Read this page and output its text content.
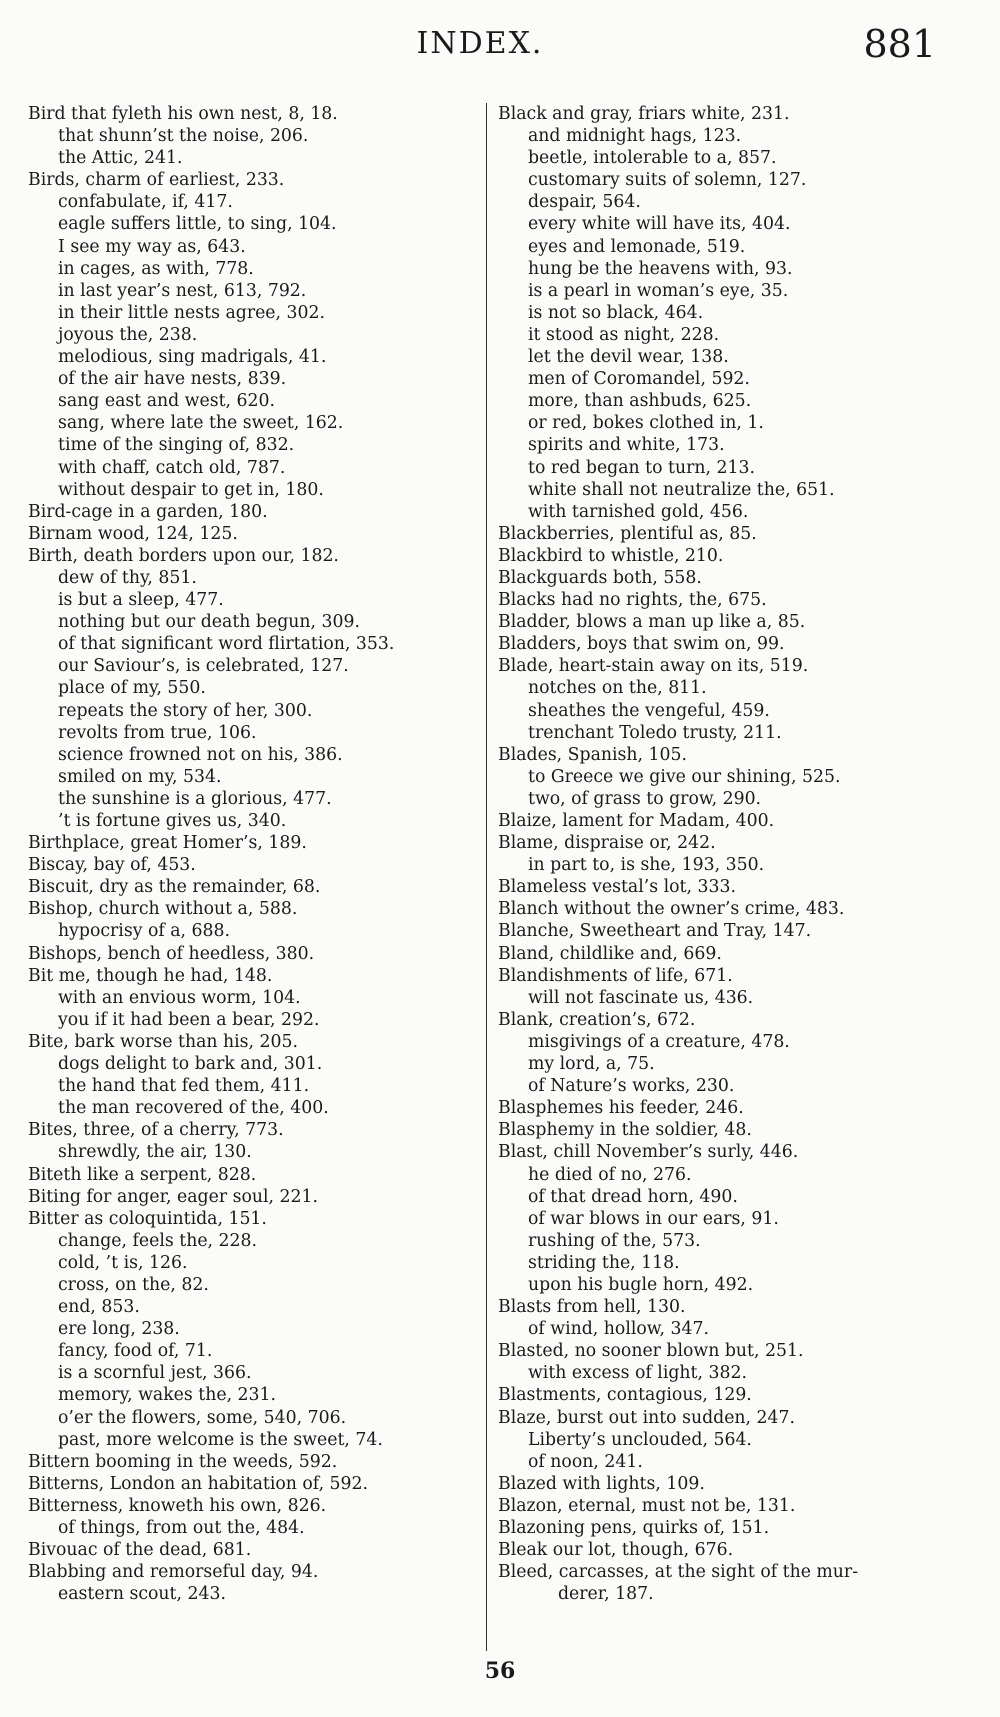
INDEX.	881
Bird that fyleth his own nest, 8, 18.
that shunn’st the noise, 206.
the Attic, 241.
Birds, charm of earliest, 233.
confabulate, if, 417.
eagle suffers little, to sing, 104.
I see my way as, 643.
in cages, as with, 778.
in last year’s nest, 613, 792.
in their little nests agree, 302.
joyous the, 238.
melodious, sing madrigals, 41.
of the air have nests, 839.
sang east and west, 620.
sang, where late the sweet, 162.
time of the singing of, 832.
with chaff, catch old, 787.
without despair to get in, 180.
Bird-cage in a garden, 180.
Birnam wood, 124, 125.
Birth, death borders upon our, 182.
dew of thy, 851.
is but a sleep, 477.
nothing but our death begun, 309.
of that significant word flirtation, 353.
our Saviour’s, is celebrated, 127.
place of my, 550.
repeats the story of her, 300.
revolts from true, 106.
science frowned not on his, 386.
smiled on my, 534.
the sunshine is a glorious, 477.
’t is fortune gives us, 340.
Birthplace, great Homer’s, 189.
Biscay, bay of, 453.
Biscuit, dry as the remainder, 68.
Bishop, church without a, 588.
hypocrisy of a, 688.
Bishops, bench of heedless, 380.
Bit me, though he had, 148.
with an envious worm, 104.
you if it had been a bear, 292.
Bite, bark worse than his, 205.
dogs delight to bark and, 301.
the hand that fed them, 411.
the man recovered of the, 400.
Bites, three, of a cherry, 773.
shrewdly, the air, 130.
Biteth like a serpent, 828.
Biting for anger, eager soul, 221.
Bitter as coloquintida, 151.
change, feels the, 228.
cold, ’t is, 126.
cross, on the, 82.
end, 853.
ere long, 238.
fancy, food of, 71.
is a scornful jest, 366.
memory, wakes the, 231.
o’er the flowers, some, 540, 706.
past, more welcome is the sweet, 74.
Bittern booming in the weeds, 592.
Bitterns, London an habitation of, 592.
Bitterness, knoweth his own, 826.
of things, from out the, 484.
Bivouac of the dead, 681.
Blabbing and remorseful day, 94.
eastern scout, 243.
Black and gray, friars white, 231.
and midnight hags, 123.
beetle, intolerable to a, 857.
customary suits of solemn, 127.
despair, 564.
every white will have its, 404.
eyes and lemonade, 519.
hung be the heavens with, 93.
is a pearl in woman’s eye, 35.
is not so black, 464.
it stood as night, 228.
let the devil wear, 138.
men of Coromandel, 592.
more, than ashbuds, 625.
or red, bokes clothed in, 1.
spirits and white, 173.
to red began to turn, 213.
white shall not neutralize the, 651.
with tarnished gold, 456.
Blackberries, plentiful as, 85.
Blackbird to whistle, 210.
Blackguards both, 558.
Blacks had no rights, the, 675.
Bladder, blows a man up like a, 85.
Bladders, boys that swim on, 99.
Blade, heart-stain away on its, 519.
notches on the, 811.
sheathes the vengeful, 459.
trenchant Toledo trusty, 211.
Blades, Spanish, 105.
to Greece we give our shining, 525.
two, of grass to grow, 290.
Blaize, lament for Madam, 400.
Blame, dispraise or, 242.
in part to, is she, 193, 350.
Blameless vestal’s lot, 333.
Blanch without the owner’s crime, 483.
Blanche, Sweetheart and Tray, 147.
Bland, childlike and, 669.
Blandishments of life, 671.
will not fascinate us, 436.
Blank, creation’s, 672.
misgivings of a creature, 478.
my lord, a, 75.
of Nature’s works, 230.
Blasphemes his feeder, 246.
Blasphemy in the soldier, 48.
Blast, chill November’s surly, 446.
he died of no, 276.
of that dread horn, 490.
of war blows in our ears, 91.
rushing of the, 573.
striding the, 118.
upon his bugle horn, 492.
Blasts from hell, 130.
of wind, hollow, 347.
Blasted, no sooner blown but, 251.
with excess of light, 382.
Blastments, contagious, 129.
Blaze, burst out into sudden, 247.
Liberty’s unclouded, 564.
of noon, 241.
Blazed with lights, 109.
Blazon, eternal, must not be, 131.
Blazoning pens, quirks of, 151.
Bleak our lot, though, 676.
Bleed, carcasses, at the sight of the mur-
derer, 187.
56
